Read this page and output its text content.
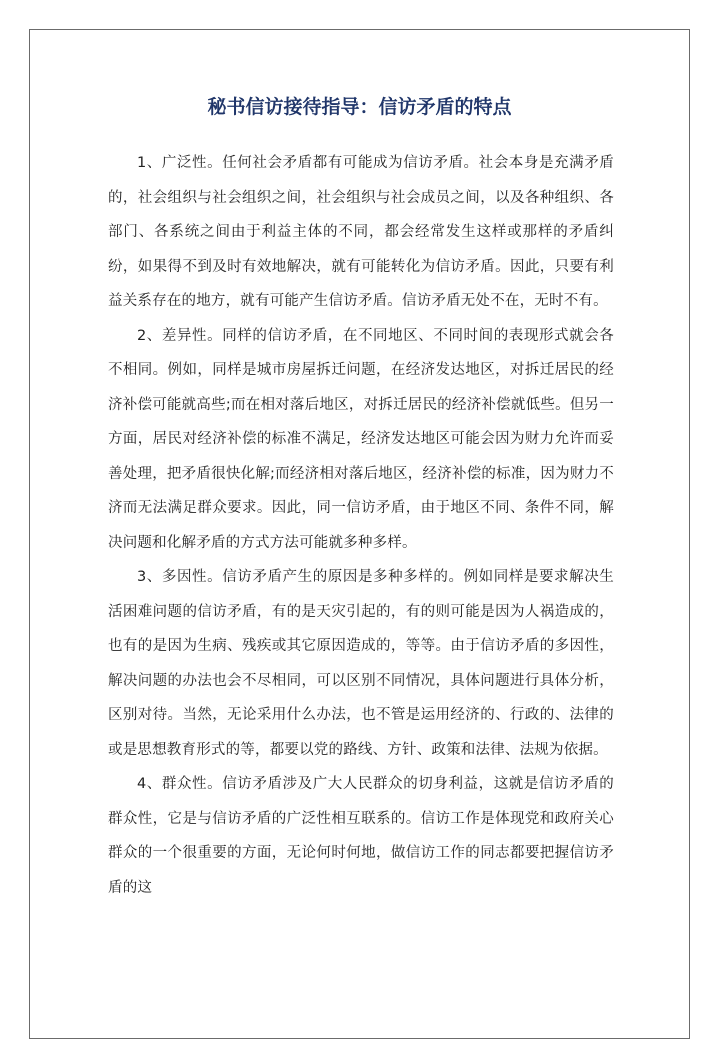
秘书信访接待指导：信访矛盾的特点

1、广泛性。任何社会矛盾都有可能成为信访矛盾。社会本身是充满矛盾的，社会组织与社会组织之间，社会组织与社会成员之间，以及各种组织、各部门、各系统之间由于利益主体的不同，都会经常发生这样或那样的矛盾纠纷，如果得不到及时有效地解决，就有可能转化为信访矛盾。因此，只要有利益关系存在的地方，就有可能产生信访矛盾。信访矛盾无处不在，无时不有。

2、差异性。同样的信访矛盾，在不同地区、不同时间的表现形式就会各不相同。例如，同样是城市房屋拆迁问题，在经济发达地区，对拆迁居民的经济补偿可能就高些;而在相对落后地区，对拆迁居民的经济补偿就低些。但另一方面，居民对经济补偿的标准不满足，经济发达地区可能会因为财力允许而妥善处理，把矛盾很快化解;而经济相对落后地区，经济补偿的标准，因为财力不济而无法满足群众要求。因此，同一信访矛盾，由于地区不同、条件不同，解决问题和化解矛盾的方式方法可能就多种多样。

3、多因性。信访矛盾产生的原因是多种多样的。例如同样是要求解决生活困难问题的信访矛盾，有的是天灾引起的，有的则可能是因为人祸造成的，也有的是因为生病、残疾或其它原因造成的，等等。由于信访矛盾的多因性，解决问题的办法也会不尽相同，可以区别不同情况，具体问题进行具体分析，区别对待。当然，无论采用什么办法，也不管是运用经济的、行政的、法律的或是思想教育形式的等，都要以党的路线、方针、政策和法律、法规为依据。

4、群众性。信访矛盾涉及广大人民群众的切身利益，这就是信访矛盾的群众性，它是与信访矛盾的广泛性相互联系的。信访工作是体现党和政府关心群众的一个很重要的方面，无论何时何地，做信访工作的同志都要把握信访矛盾的这
